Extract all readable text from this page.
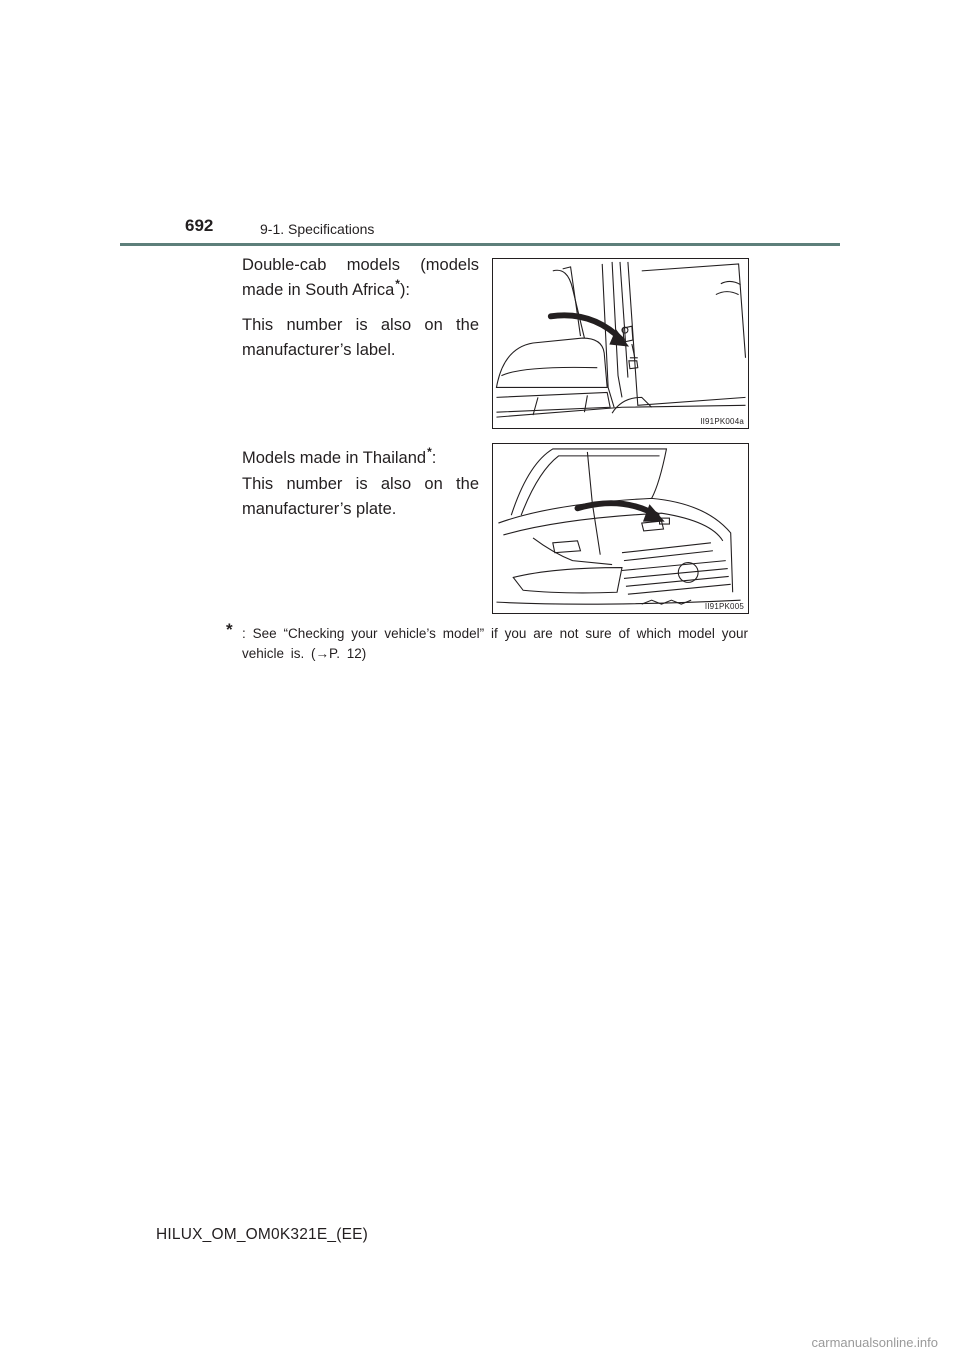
692	9-1. Specifications

Double-cab models (models made in South Africa*):

This number is also on the manufacturer’s label.

II91PK004a

Models made in Thailand*:

This number is also on the manufacturer’s plate.

II91PK005
* : See “Checking your vehicle’s model” if you are not sure of which model your vehicle is. (→P. 12)
HILUX_OM_OM0K321E_(EE)
carmanualsonline.info
